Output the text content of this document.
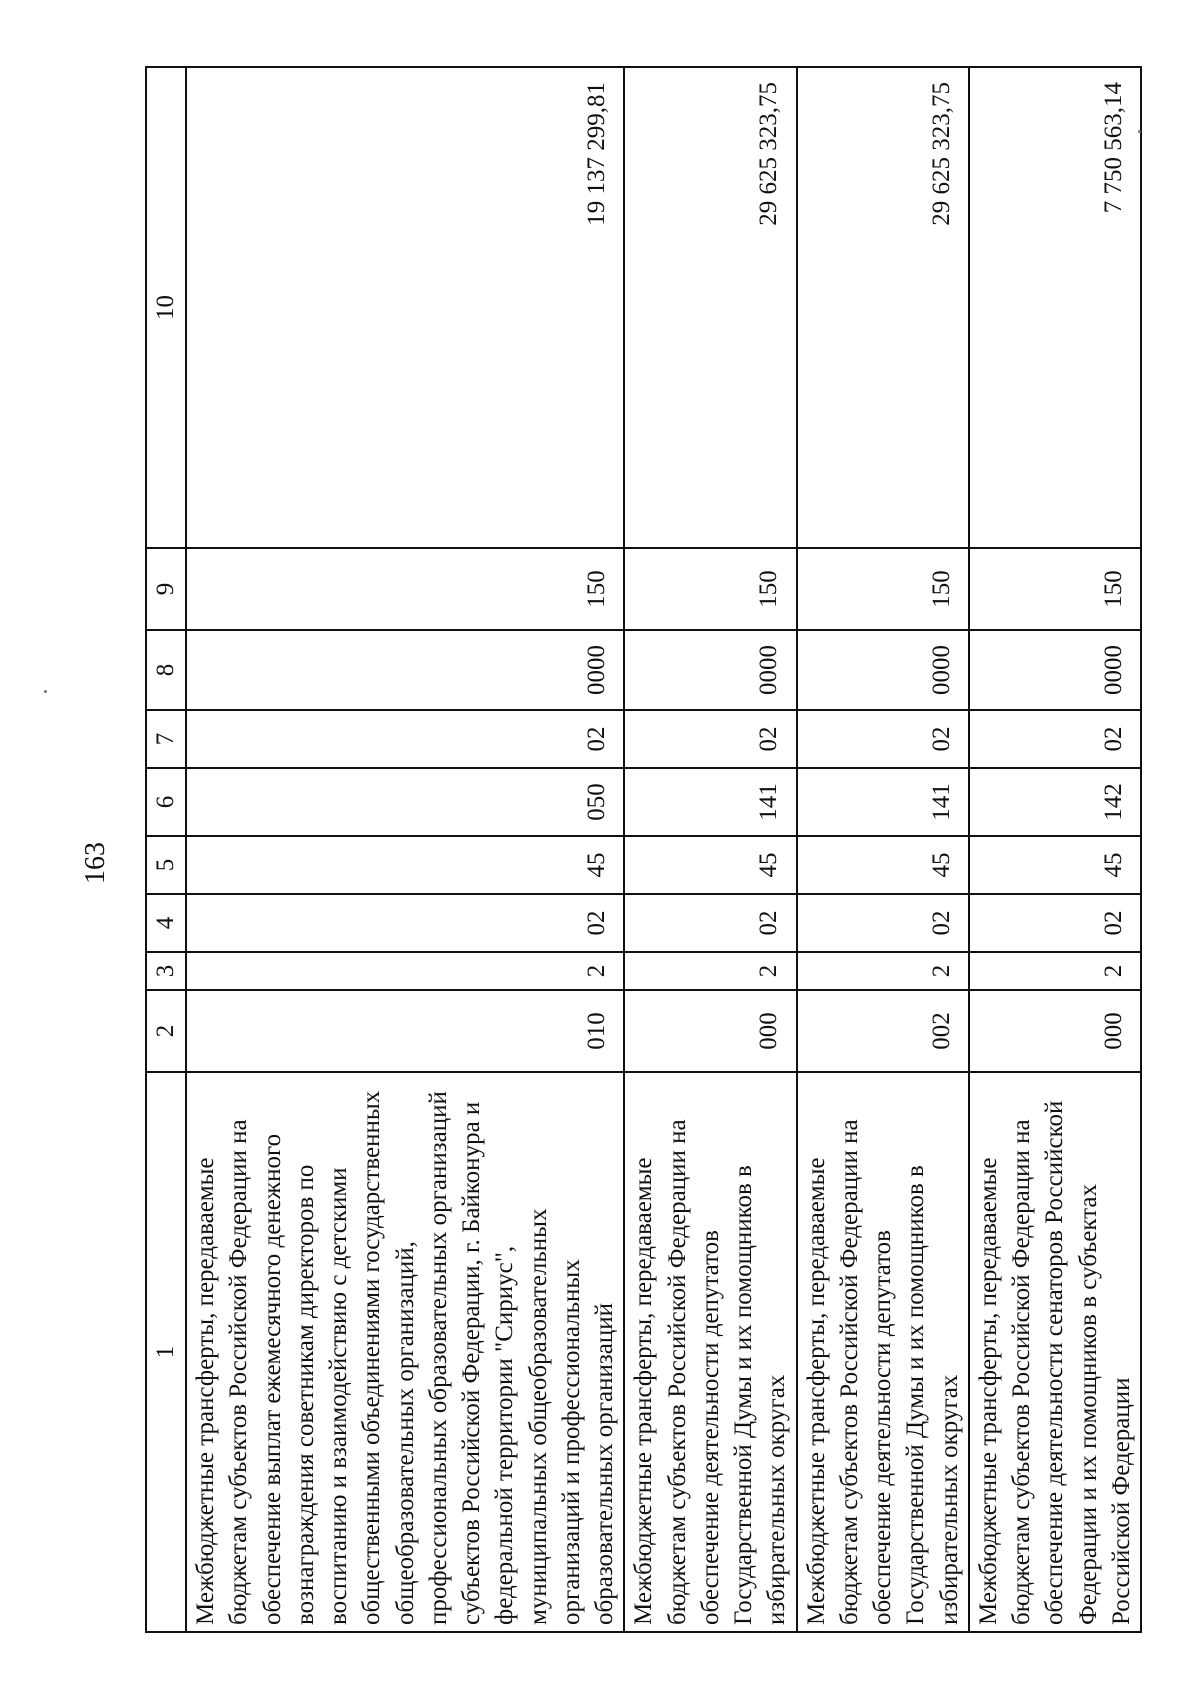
163
1	2	3	4	5	6	7	8	9	10
Межбюджетные трансферты, передаваемые бюджетам субъектов Российской Федерации на обеспечение выплат ежемесячного денежного вознаграждения советникам директоров по воспитанию и взаимодействию с детскими общественными объединениями государственных общеобразовательных организаций, профессиональных образовательных организаций субъектов Российской Федерации, г. Байконура и федеральной территории "Сириус", муниципальных общеобразовательных организаций и профессиональных образовательных организаций	010	2	02	45	050	02	0000	150	19 137 299,81
Межбюджетные трансферты, передаваемые бюджетам субъектов Российской Федерации на обеспечение деятельности депутатов Государственной Думы и их помощников в избирательных округах	000	2	02	45	141	02	0000	150	29 625 323,75
Межбюджетные трансферты, передаваемые бюджетам субъектов Российской Федерации на обеспечение деятельности депутатов Государственной Думы и их помощников в избирательных округах	002	2	02	45	141	02	0000	150	29 625 323,75
Межбюджетные трансферты, передаваемые бюджетам субъектов Российской Федерации на обеспечение деятельности сенаторов Российской Федерации и их помощников в субъектах Российской Федерации	000	2	02	45	142	02	0000	150	7 750 563,14
